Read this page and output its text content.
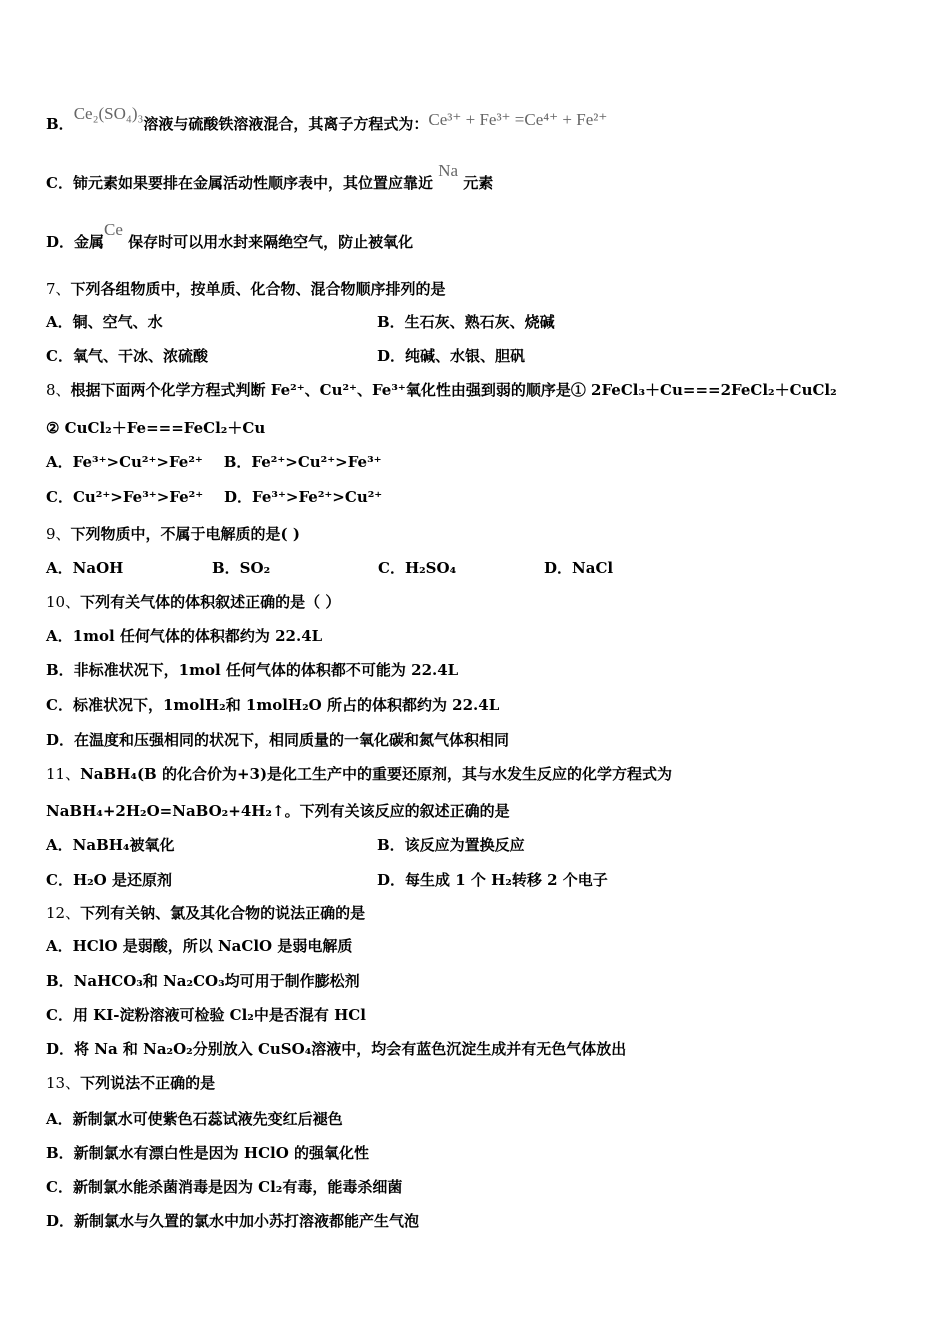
B．Ce₂(SO₄)₃溶液与硫酸铁溶液混合，其离子方程式为：Ce³⁺ + Fe³⁺ =Ce⁴⁺ + Fe²⁺
C．铈元素如果要排在金属活动性顺序表中，其位置应靠近 Na 元素
D．金属Ce 保存时可以用水封来隔绝空气，防止被氧化
7、下列各组物质中，按单质、化合物、混合物顺序排列的是
A．铜、空气、水	B．生石灰、熟石灰、烧碱
C．氧气、干冰、浓硫酸	D．纯碱、水银、胆矾
8、根据下面两个化学方程式判断 Fe²⁺、Cu²⁺、Fe³⁺氧化性由强到弱的顺序是① 2FeCl₃＋Cu===2FeCl₂＋CuCl₂
② CuCl₂＋Fe===FeCl₂＋Cu
A．Fe³⁺>Cu²⁺>Fe²⁺    B．Fe²⁺>Cu²⁺>Fe³⁺
C．Cu²⁺>Fe³⁺>Fe²⁺    D．Fe³⁺>Fe²⁺>Cu²⁺
9、下列物质中，不属于电解质的是( )
A．NaOH	B．SO₂	C．H₂SO₄	D．NaCl
10、下列有关气体的体积叙述正确的是（ ）
A．1mol 任何气体的体积都约为 22.4L
B．非标准状况下，1mol 任何气体的体积都不可能为 22.4L
C．标准状况下，1molH₂和 1molH₂O 所占的体积都约为 22.4L
D．在温度和压强相同的状况下，相同质量的一氧化碳和氮气体积相同
11、NaBH₄(B 的化合价为+3)是化工生产中的重要还原剂，其与水发生反应的化学方程式为
NaBH₄+2H₂O=NaBO₂+4H₂↑。下列有关该反应的叙述正确的是
A．NaBH₄被氧化	B．该反应为置换反应
C．H₂O 是还原剂	D．每生成 1 个 H₂转移 2 个电子
12、下列有关钠、氯及其化合物的说法正确的是
A．HClO 是弱酸，所以 NaClO 是弱电解质
B．NaHCO₃和 Na₂CO₃均可用于制作膨松剂
C．用 KI-淀粉溶液可检验 Cl₂中是否混有 HCl
D．将 Na 和 Na₂O₂分别放入 CuSO₄溶液中，均会有蓝色沉淀生成并有无色气体放出
13、下列说法不正确的是
A．新制氯水可使紫色石蕊试液先变红后褪色
B．新制氯水有漂白性是因为 HClO 的强氧化性
C．新制氯水能杀菌消毒是因为 Cl₂有毒，能毒杀细菌
D．新制氯水与久置的氯水中加小苏打溶液都能产生气泡
